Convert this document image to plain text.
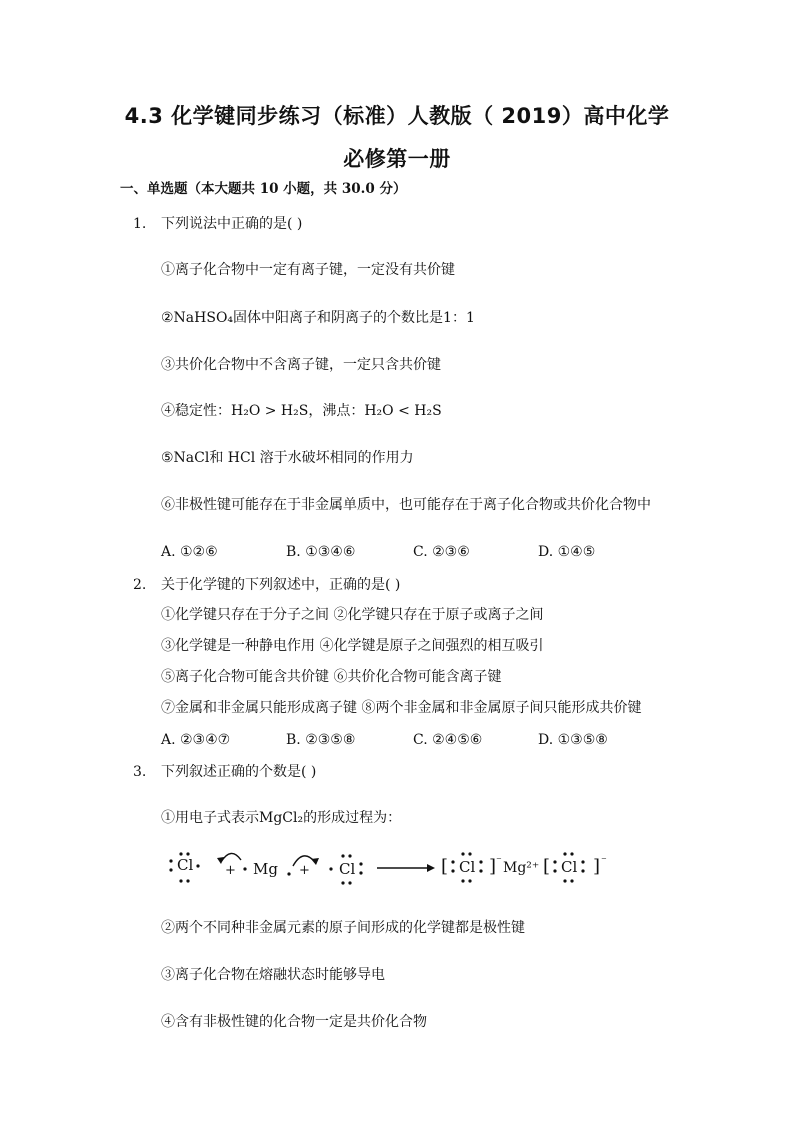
4.3 化学键同步练习（标准）人教版（ 2019）高中化学
必修第一册
一、单选题（本大题共 10 小题，共 30.0 分）
1. 下列说法中正确的是( )
①离子化合物中一定有离子键，一定没有共价键
②NaHSO₄固体中阳离子和阴离子的个数比是1：1
③共价化合物中不含离子键，一定只含共价键
④稳定性：H₂O > H₂S，沸点：H₂O < H₂S
⑤NaCl和 HCl 溶于水破坏相同的作用力
⑥非极性键可能存在于非金属单质中，也可能存在于离子化合物或共价化合物中
A. ①②⑥	B. ①③④⑥	C. ②③⑥	D. ①④⑤
2. 关于化学键的下列叙述中，正确的是( )
①化学键只存在于分子之间 ②化学键只存在于原子或离子之间
③化学键是一种静电作用 ④化学键是原子之间强烈的相互吸引
⑤离子化合物可能含共价键 ⑥共价化合物可能含离子键
⑦金属和非金属只能形成离子键 ⑧两个非金属和非金属原子间只能形成共价键
A. ②③④⑦	B. ②③⑤⑧	C. ②④⑤⑥	D. ①③⑤⑧
3. 下列叙述正确的个数是( )
①用电子式表示MgCl₂的形成过程为：
Cl + Mg + Cl	[ Cl ] ⁻ Mg²⁺ [ Cl ] ⁻
②两个不同种非金属元素的原子间形成的化学键都是极性键
③离子化合物在熔融状态时能够导电
④含有非极性键的化合物一定是共价化合物
